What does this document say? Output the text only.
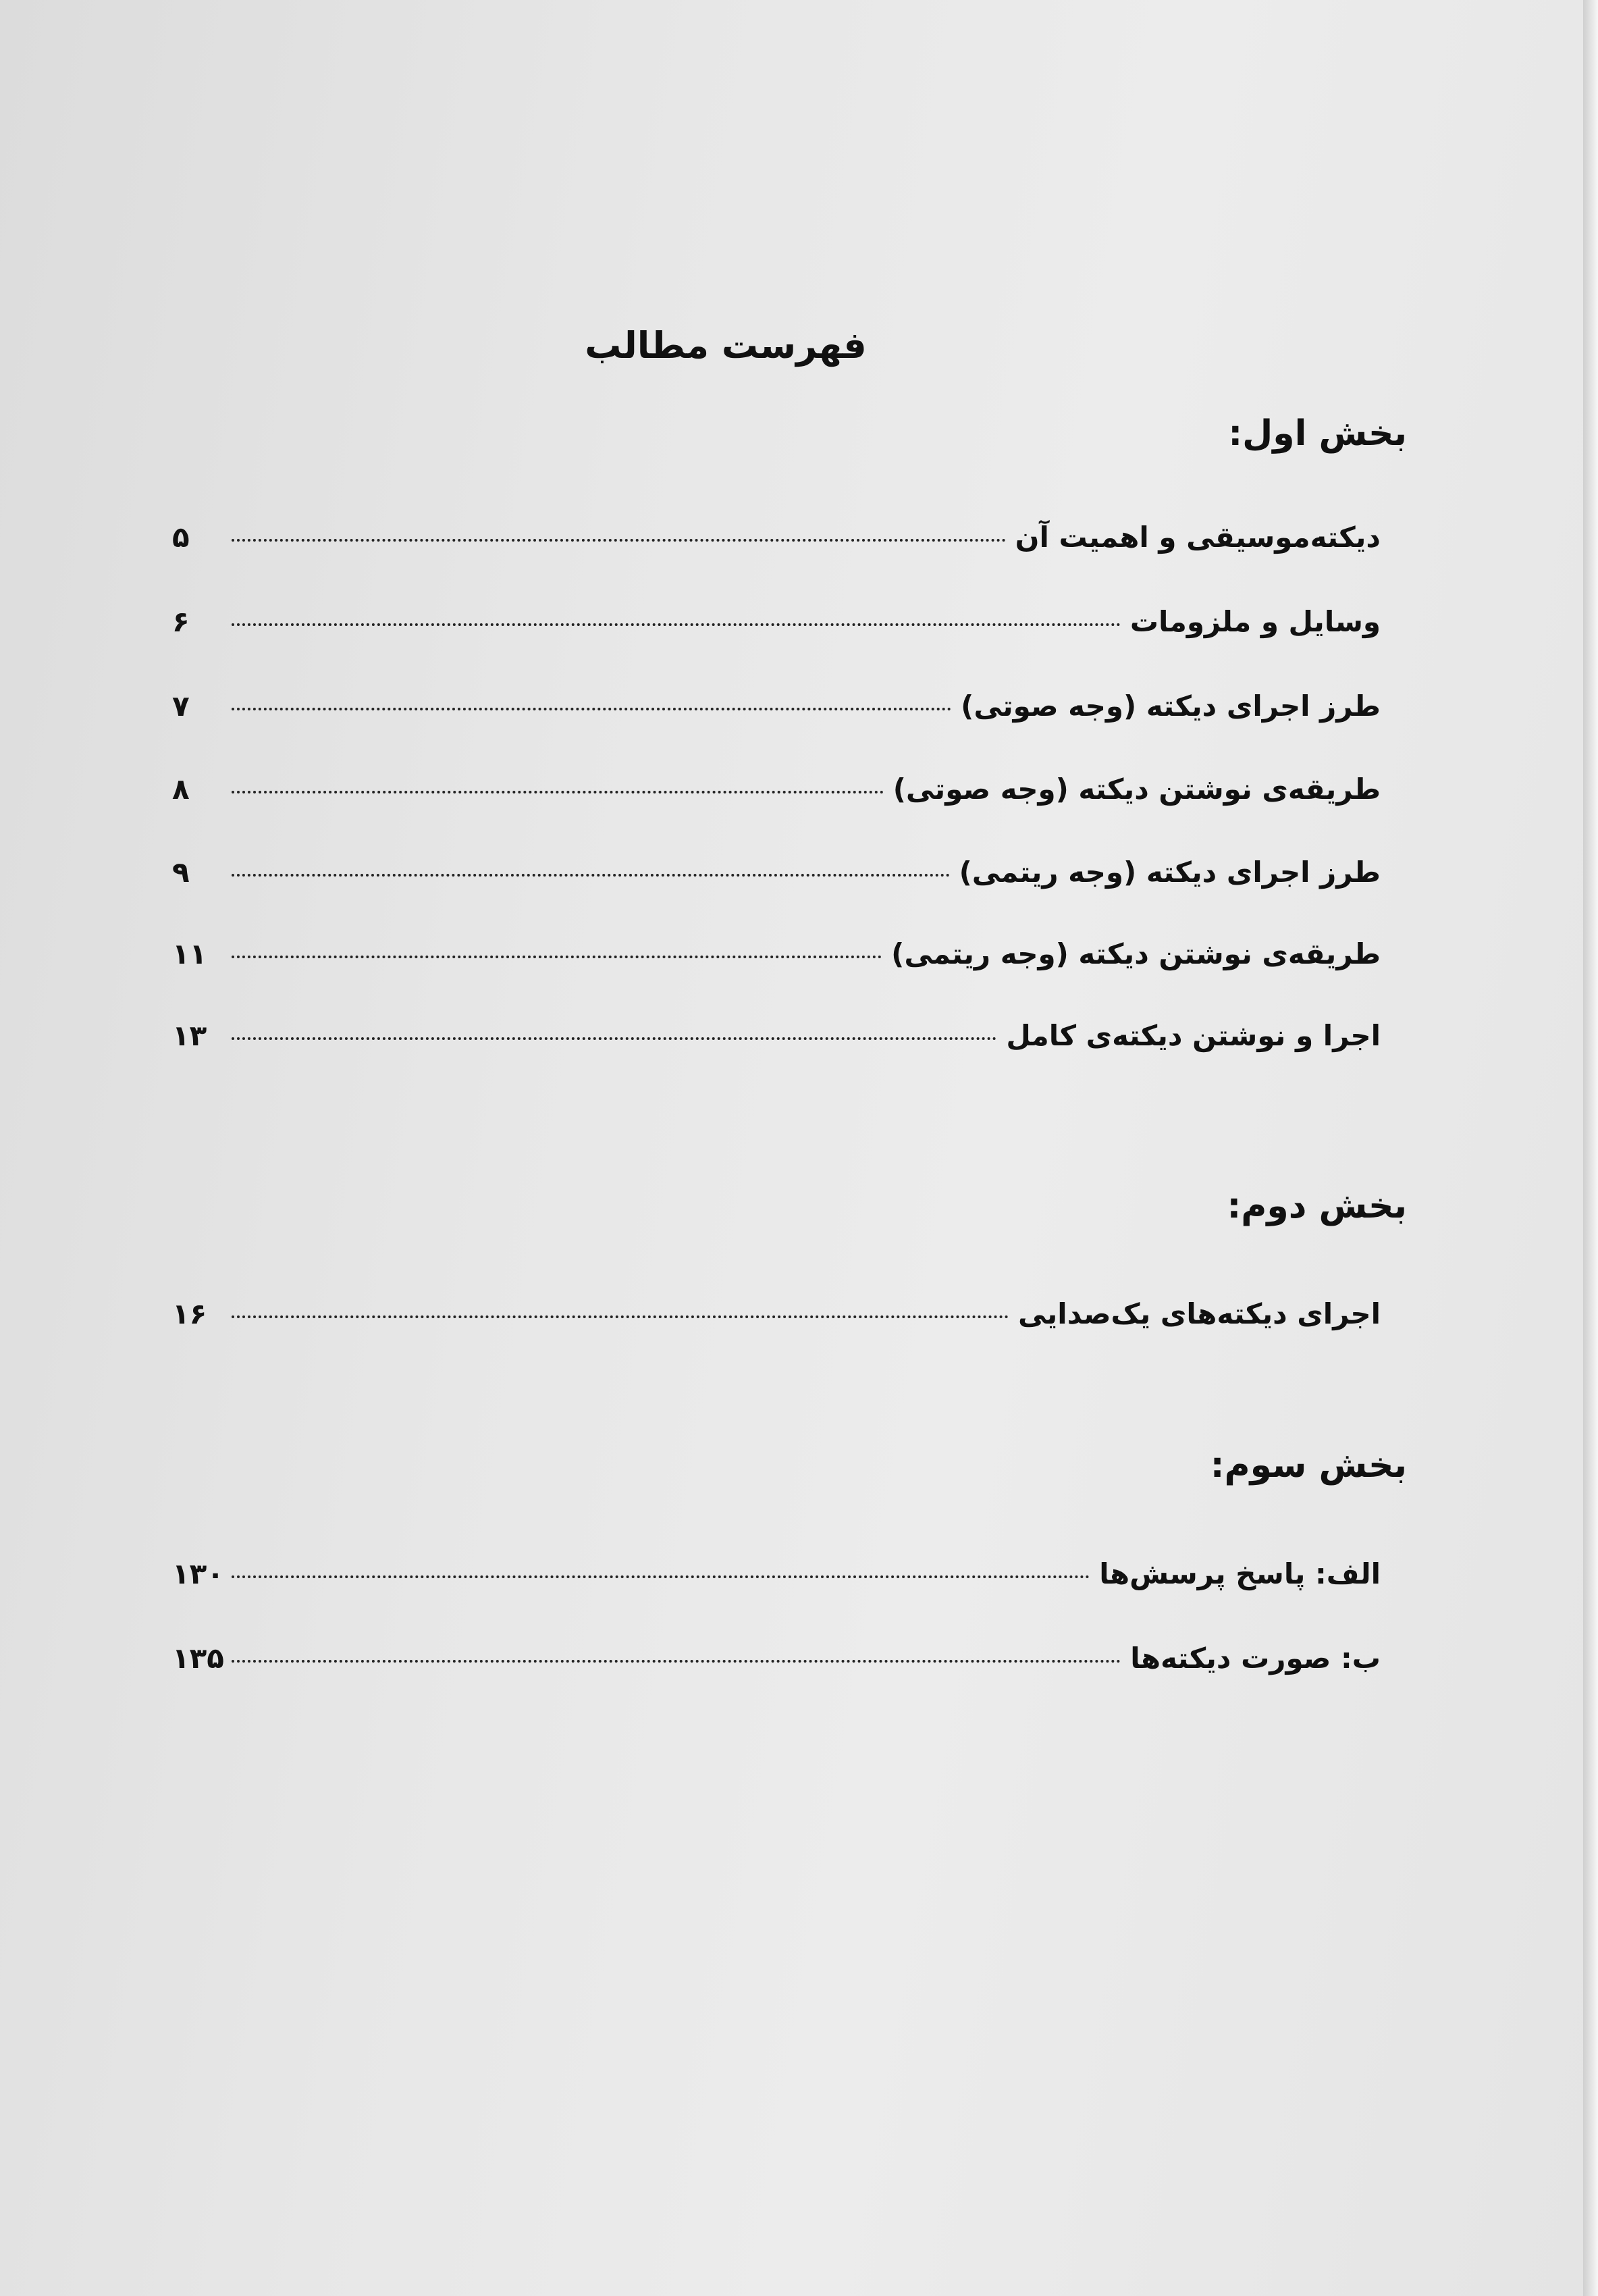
فهرست مطالب
بخش اول:
دیکته‌موسیقی و اهمیت آن
۵
وسایل و ملزومات
۶
طرز اجرای دیکته (وجه صوتی)
۷
طریقه‌ی نوشتن دیکته (وجه صوتی)
۸
طرز اجرای دیکته (وجه ریتمی)
۹
طریقه‌ی نوشتن دیکته (وجه ریتمی)
۱۱
اجرا و نوشتن دیکته‌ی کامل
۱۳
بخش دوم:
اجرای دیکته‌های یک‌صدایی
۱۶
بخش سوم:
الف: پاسخ پرسش‌ها
۱۳۰
ب: صورت دیکته‌ها
۱۳۵
